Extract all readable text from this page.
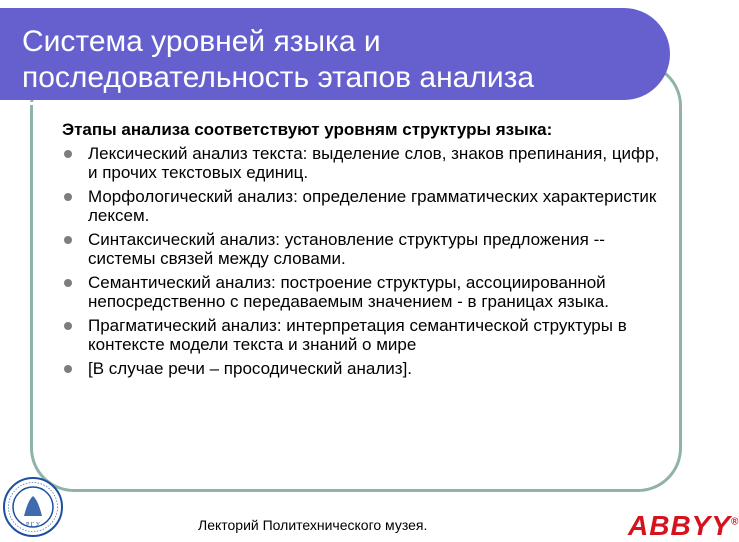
Система уровней языка и
последовательность этапов анализа
Этапы анализа соответствуют уровням структуры языка:
Лексический анализ текста: выделение слов, знаков препинания, цифр, и прочих текстовых единиц.
Морфологический анализ: определение грамматических характеристик лексем.
Синтаксический анализ: установление структуры предложения -- системы связей между словами.
Семантический анализ: построение структуры, ассоциированной непосредственно с передаваемым значением - в границах языка.
Прагматический анализ: интерпретация семантической структуры в контексте модели текста и знаний о мире
[В случае речи – просодический анализ].
Р Г У	Лекторий Политехнического музея.	ABBYY®
